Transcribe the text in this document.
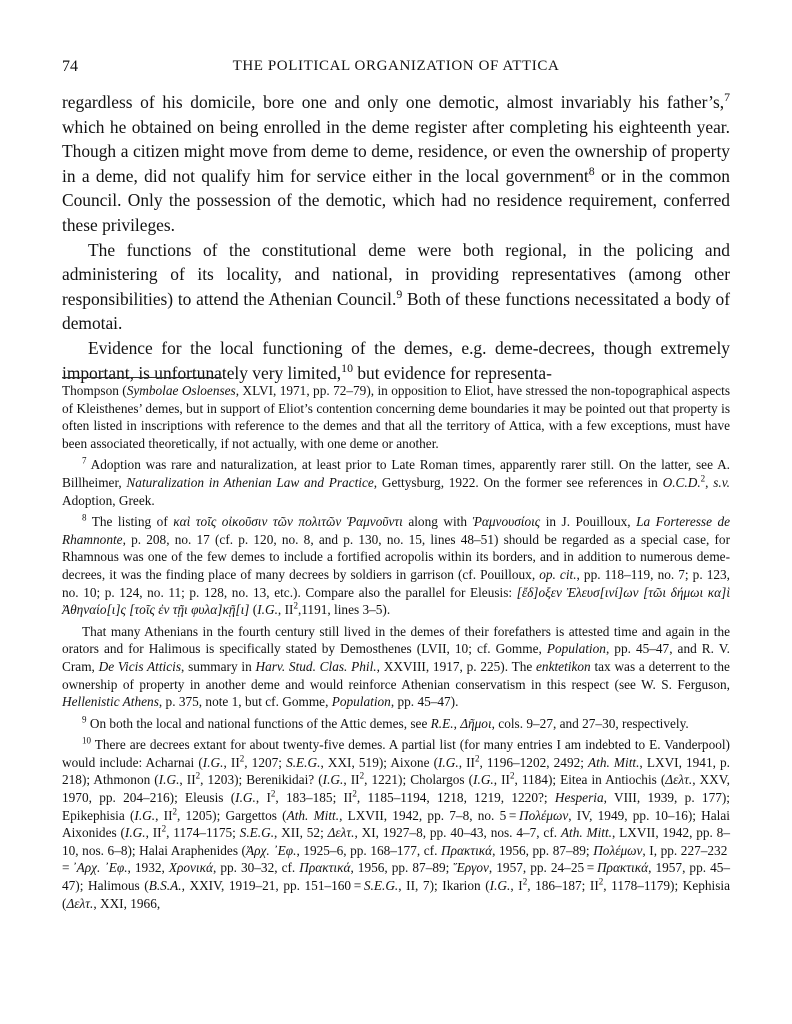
74	THE POLITICAL ORGANIZATION OF ATTICA

regardless of his domicile, bore one and only one demotic, almost invariably his father’s,$^7$ which he obtained on being enrolled in the deme register after completing his eighteenth year. Though a citizen might move from deme to deme, residence, or even the ownership of property in a deme, did not qualify him for service either in the local government$^8$ or in the common Council. Only the possession of the demotic, which had no residence requirement, conferred these privileges.

The functions of the constitutional deme were both regional, in the policing and administering of its locality, and national, in providing representatives (among other responsibilities) to attend the Athenian Council.$^9$ Both of these functions necessitated a body of demotai.

Evidence for the local functioning of the demes, e.g. deme-decrees, though extremely important, is unfortunately very limited,$^{10}$ but evidence for representa-

Thompson (Symbolae Osloenses, XLVI, 1971, pp. 72–79), in opposition to Eliot, have stressed the non-topographical aspects of Kleisthenes’ demes, but in support of Eliot’s contention concerning deme boundaries it may be pointed out that property is often listed in inscriptions with reference to the demes and that all the territory of Attica, with a few exceptions, must have been associated theoretically, if not actually, with one deme or another.

$^7$ Adoption was rare and naturalization, at least prior to Late Roman times, apparently rarer still. On the latter, see A. Billheimer, Naturalization in Athenian Law and Practice, Gettysburg, 1922. On the former see references in O.C.D.$^2$, s.v. Adoption, Greek.

$^8$ The listing of καὶ τοῖς οἰκοῦσιν τῶν πολιτῶν Ῥαμνοῦντι along with Ῥαμνουσίοις in J. Pouilloux, La Forteresse de Rhamnonte, p. 208, no. 17 (cf. p. 120, no. 8, and p. 130, no. 15, lines 48–51) should be regarded as a special case, for Rhamnous was one of the few demes to include a fortified acropolis within its borders, and in addition to numerous deme-decrees, it was the finding place of many decrees by soldiers in garrison (cf. Pouilloux, op. cit., pp. 118–119, no. 7; p. 123, no. 10; p. 124, no. 11; p. 128, no. 13, etc.). Compare also the parallel for Eleusis: [ἔδ]οξεν Ἐλευσ[ινί]ων [τῶι δήμωι κα]ὶ Ἀθηναίο[ι]ς [τοῖς ἐν τῇι φυλα]κῇ[ι] (I.G., $II^2,1191$, lines 3–5).

That many Athenians in the fourth century still lived in the demes of their forefathers is attested time and again in the orators and for Halimous is specifically stated by Demosthenes (LVII, 10; cf. Gomme, Population, pp. 45–47, and R. V. Cram, De Vicis Atticis, summary in Harv. Stud. Clas. Phil., XXVIII, 1917, p. 225). The enktetikon tax was a deterrent to the ownership of property in another deme and would reinforce Athenian conservatism in this respect (see W. S. Ferguson, Hellenistic Athens, p. 375, note 1, but cf. Gomme, Population, pp. 45–47).

$^9$ On both the local and national functions of the Attic demes, see R.E., Δῆμοι, cols. 9–27, and 27–30, respectively.

$^{10}$ There are decrees extant for about twenty-five demes. A partial list (for many entries I am indebted to E. Vanderpool) would include: Acharnai (I.G., $II^2$, 1207; S.E.G., XXI, 519); Aixone (I.G., $II^2$, 1196–1202, 2492; Ath. Mitt., LXVI, 1941, p. 218); Athmonon (I.G., $II^2$, 1203); Berenikidai? (I.G., $II^2$, 1221); Cholargos (I.G., $II^2$, 1184); Eitea in Antiochis (Δελτ., XXV, 1970, pp. 204–216); Eleusis (I.G., $I^2$, 183–185; $II^2$, 1185–1194, 1218, 1219, 1220?; Hesperia, VIII, 1939, p. 177); Epikephisia (I.G., $II^2$, 1205); Gargettos (Ath. Mitt., LXVII, 1942, pp. 7–8, no. 5 = Πολέμων, IV, 1949, pp. 10–16); Halai Aixonides (I.G., $II^2$, 1174–1175; S.E.G., XII, 52; Δελτ., XI, 1927–8, pp. 40–43, nos. 4–7, cf. Ath. Mitt., LXVII, 1942, pp. 8–10, nos. 6–8); Halai Araphenides (Ἀρχ. ᾿Εφ., 1925–6, pp. 168–177, cf. Πρακτικά, 1956, pp. 87–89; Πολέμων, I, pp. 227–232 = ᾿Αρχ. ᾿Εφ., 1932, Χρονικά, pp. 30–32, cf. Πρακτικά, 1956, pp. 87–89; Ἕργον, 1957, pp. 24–25 = Πρακτικά, 1957, pp. 45–47); Halimous (B.S.A., XXIV, 1919–21, pp. 151–160 = S.E.G., II, 7); Ikarion (I.G., $I^2$, 186–187; $II^2$, 1178–1179); Kephisia (Δελτ., XXI, 1966,
